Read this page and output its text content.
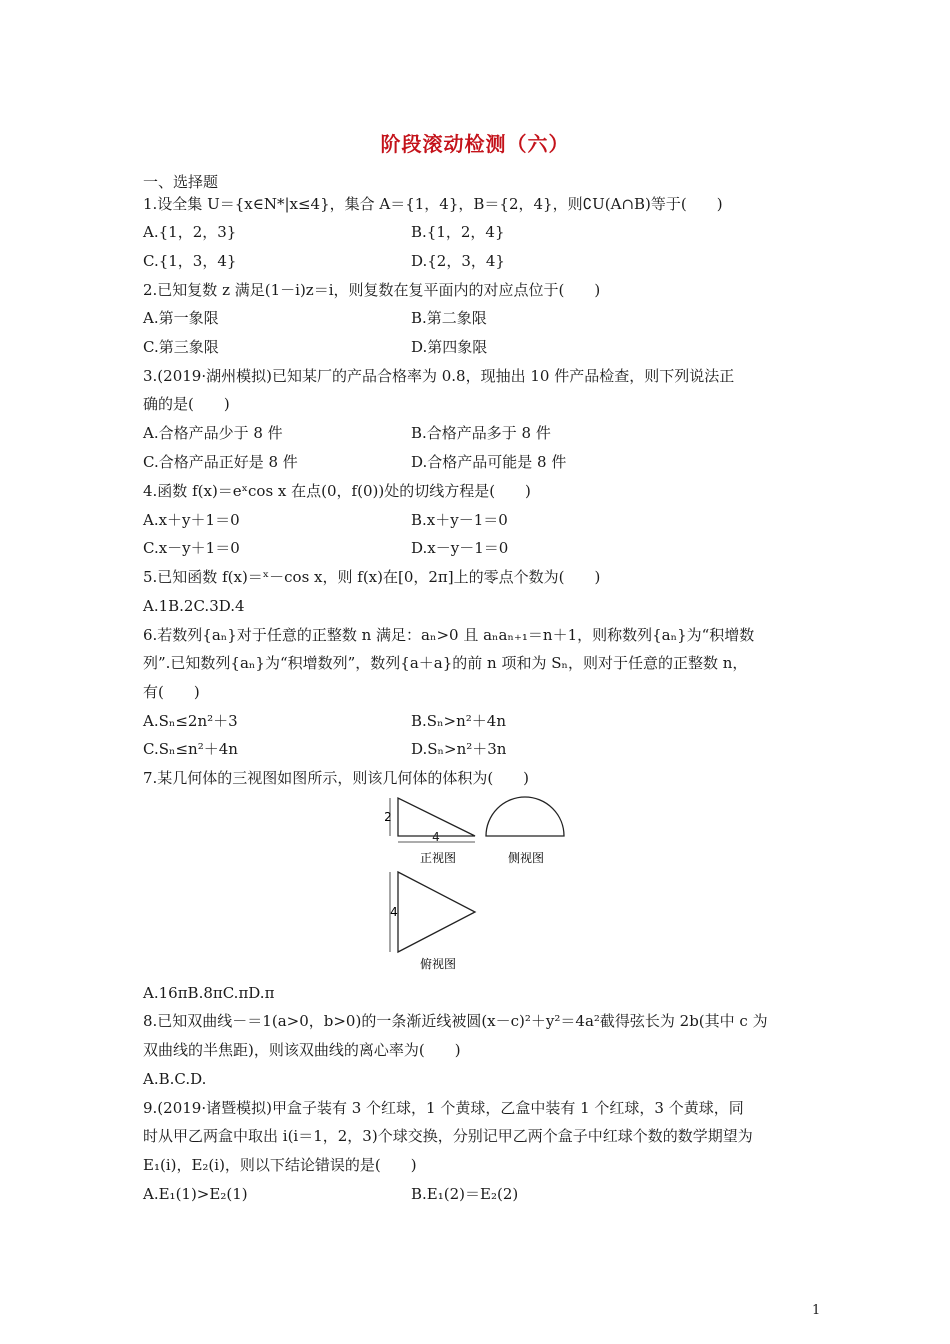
阶段滚动检测（六）
一、选择题
1.设全集 U＝{x∈N*|x≤4}，集合 A＝{1，4}，B＝{2，4}，则∁U(A∩B)等于(　　)
A.{1，2，3}	B.{1，2，4}
C.{1，3，4}	D.{2，3，4}
2.已知复数 z 满足(1－i)z＝i，则复数在复平面内的对应点位于(　　)
A.第一象限	B.第二象限
C.第三象限	D.第四象限
3.(2019·湖州模拟)已知某厂的产品合格率为 0.8，现抽出 10 件产品检查，则下列说法正
确的是(　　)
A.合格产品少于 8 件	B.合格产品多于 8 件
C.合格产品正好是 8 件	D.合格产品可能是 8 件
4.函数 f(x)＝eˣcos x 在点(0，f(0))处的切线方程是(　　)
A.x＋y＋1＝0	B.x＋y－1＝0
C.x－y＋1＝0	D.x－y－1＝0
5.已知函数 f(x)＝ˣ－cos x，则 f(x)在[0，2π]上的零点个数为(　　)
A.1B.2C.3D.4
6.若数列{aₙ}对于任意的正整数 n 满足：aₙ>0 且 aₙaₙ₊₁＝n＋1，则称数列{aₙ}为“积增数
列”.已知数列{aₙ}为“积增数列”，数列{a＋a}的前 n 项和为 Sₙ，则对于任意的正整数 n，
有(　　)
A.Sₙ≤2n²＋3	B.Sₙ>n²＋4n
C.Sₙ≤n²＋4n	D.Sₙ>n²＋3n
7.某几何体的三视图如图所示，则该几何体的体积为(　　)
2
4
正视图	侧视图
4
俯视图
A.16πB.8πC.πD.π
8.已知双曲线－＝1(a>0，b>0)的一条渐近线被圆(x－c)²＋y²＝4a²截得弦长为 2b(其中 c 为
双曲线的半焦距)，则该双曲线的离心率为(　　)
A.B.C.D.
9.(2019·诸暨模拟)甲盒子装有 3 个红球，1 个黄球，乙盒中装有 1 个红球，3 个黄球，同
时从甲乙两盒中取出 i(i＝1，2，3)个球交换，分别记甲乙两个盒子中红球个数的数学期望为
E₁(i)，E₂(i)，则以下结论错误的是(　　)
A.E₁(1)>E₂(1)	B.E₁(2)＝E₂(2)
1
